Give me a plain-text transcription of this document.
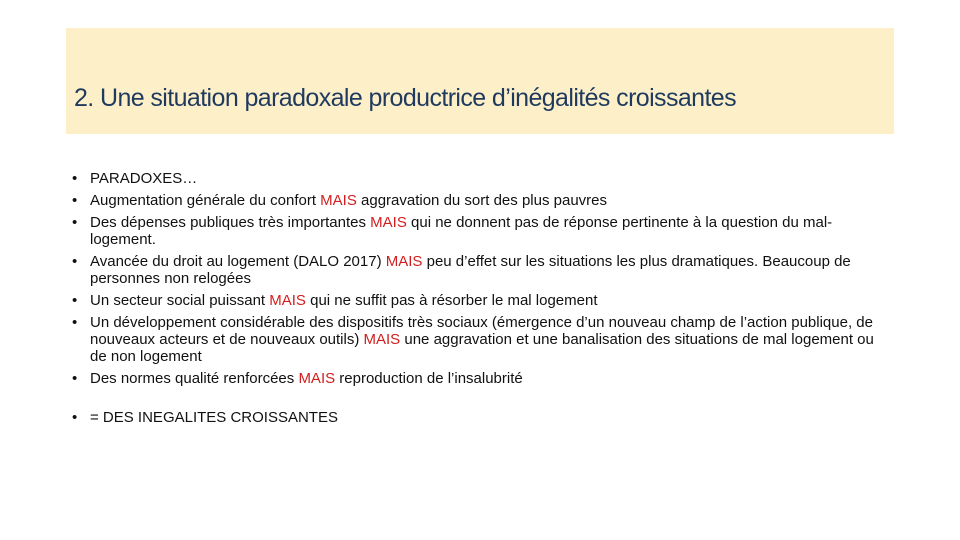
2. Une situation paradoxale productrice d’inégalités croissantes
• PARADOXES…
• Augmentation générale du confort MAIS aggravation du sort des plus pauvres
• Des dépenses publiques très importantes MAIS qui ne donnent pas de réponse pertinente à la question du mal-logement.
• Avancée du droit au logement (DALO 2017) MAIS peu d’effet sur les situations les plus dramatiques. Beaucoup de personnes non relogées
• Un secteur social puissant MAIS qui ne suffit pas à résorber le mal logement
• Un développement considérable des dispositifs très sociaux (émergence d’un nouveau champ de l’action publique, de nouveaux acteurs et de nouveaux outils) MAIS une aggravation et une banalisation des situations de mal logement ou de non logement
• Des normes qualité renforcées MAIS reproduction de l’insalubrité
• = DES INEGALITES CROISSANTES
